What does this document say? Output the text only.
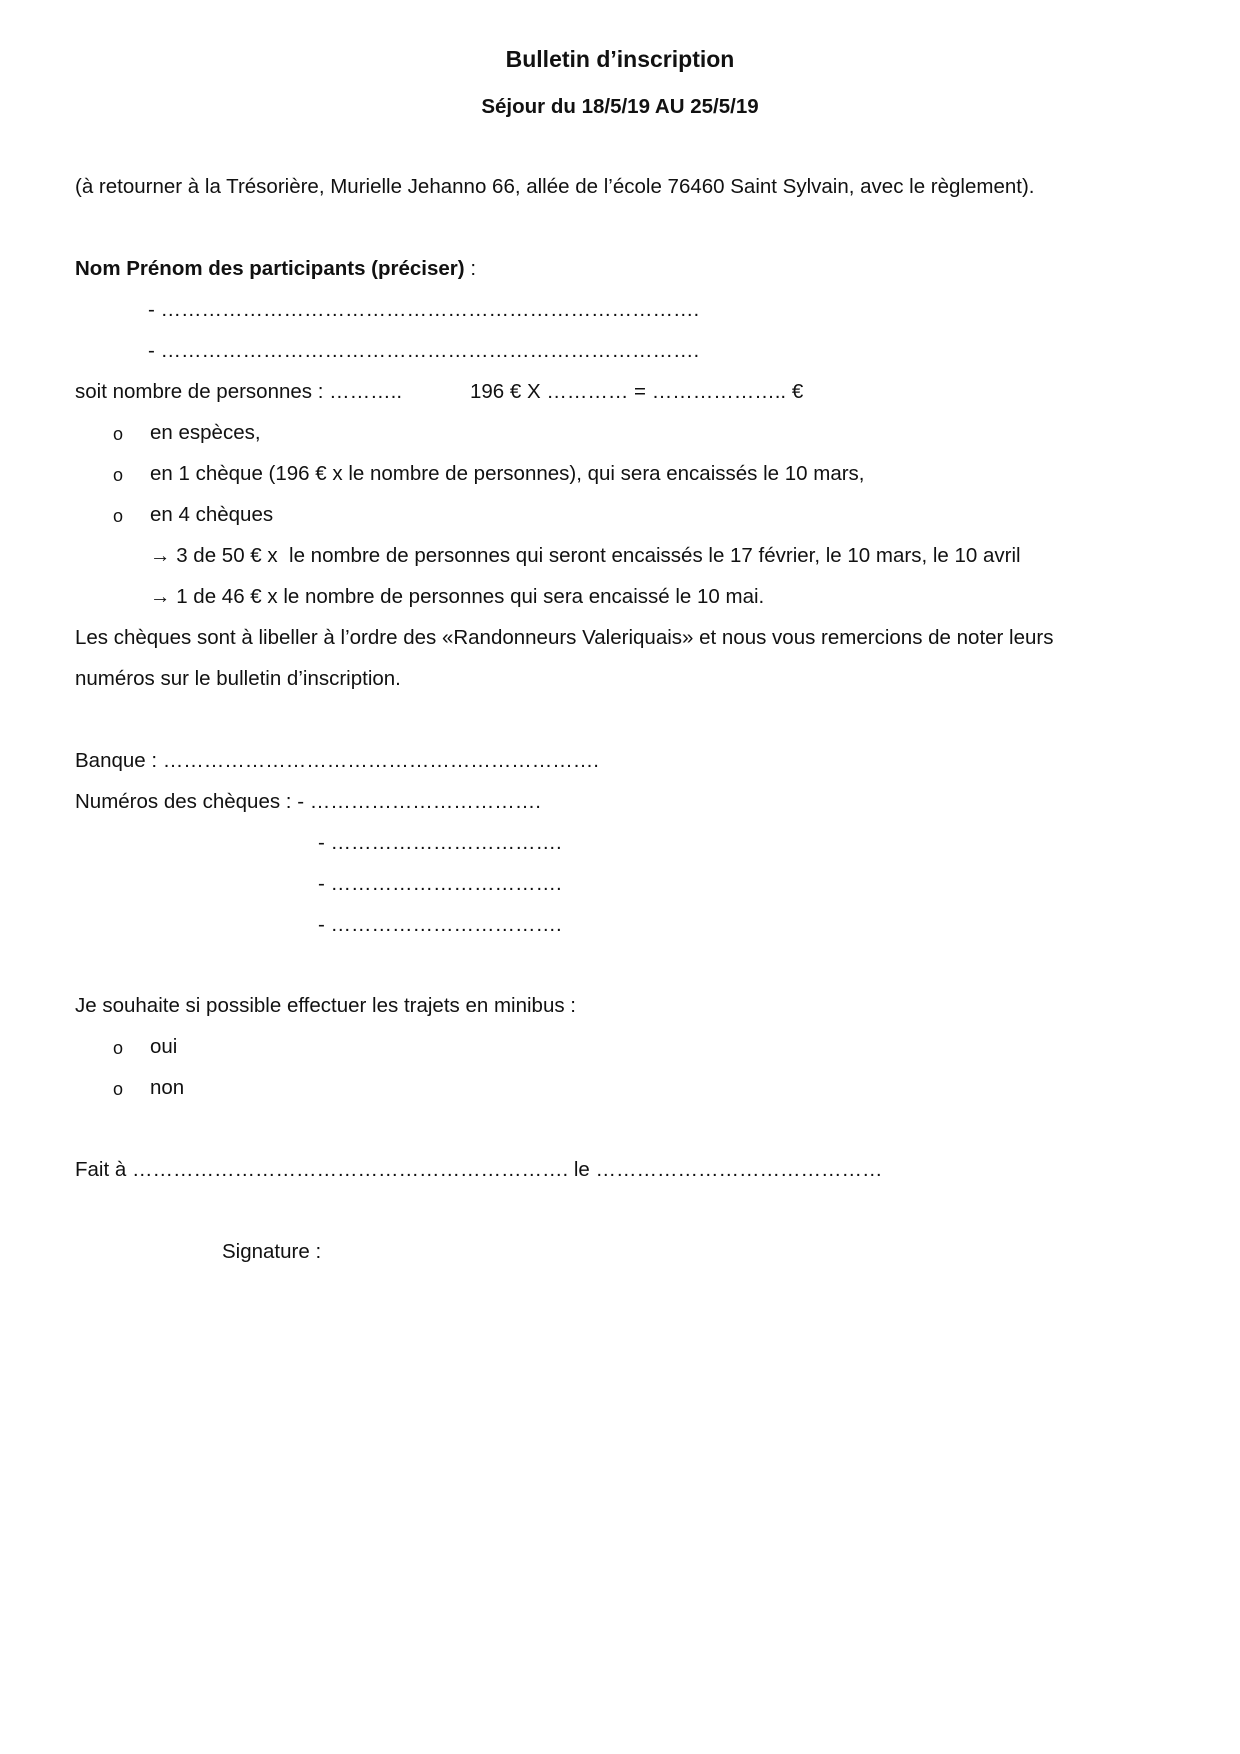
Bulletin d’inscription
Séjour du 18/5/19 AU 25/5/19
(à retourner à la Trésorière, Murielle Jehanno 66, allée de l’école 76460 Saint Sylvain, avec le règlement).
Nom Prénom des participants (préciser) :
- …………………………………………………………………….
- …………………………………………………………………….
soit nombre de personnes : ………..	196 € X ………… = ……………….. €
o en espèces,
o en 1 chèque (196 € x le nombre de personnes), qui sera encaissés le 10 mars,
o en 4 chèques
→ 3 de 50 € x  le nombre de personnes qui seront encaissés le 17 février, le 10 mars, le 10 avril
→ 1 de 46 € x le nombre de personnes qui sera encaissé le 10 mai.
Les chèques sont à libeller à l’ordre des «Randonneurs Valeriquais» et nous vous remercions de noter leurs
numéros sur le bulletin d’inscription.
Banque : ……………………………………………………….
Numéros des chèques : - …………………………….
- …………………………….
- …………………………….
- …………………………….
Je souhaite si possible effectuer les trajets en minibus :
o oui
o non
Fait à ………………………………………………………. le ……………………………………
Signature :
